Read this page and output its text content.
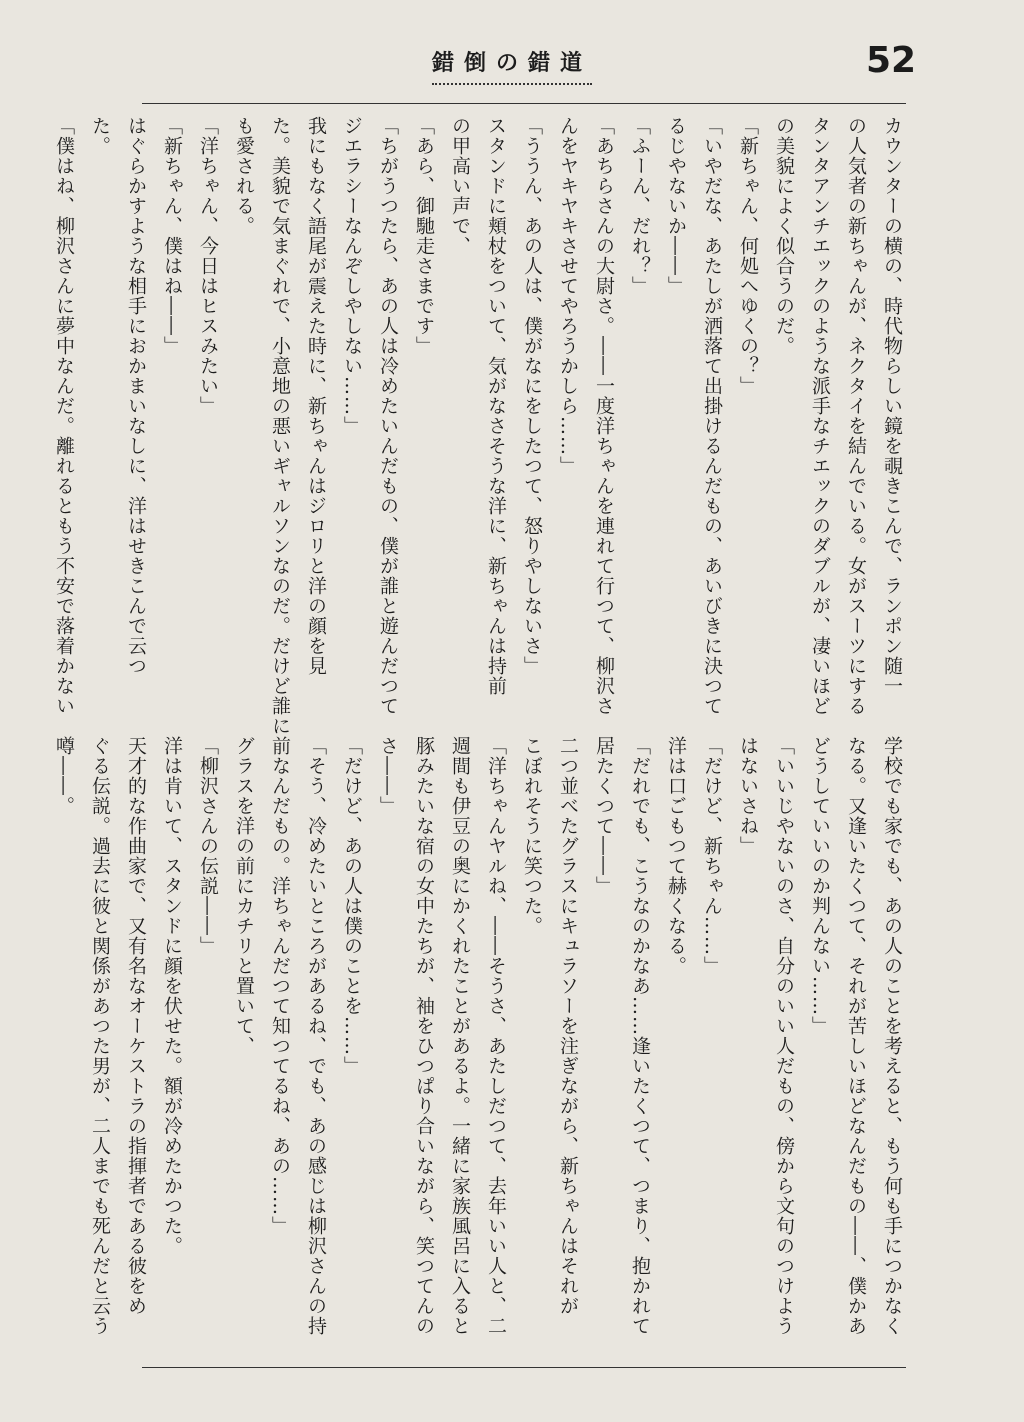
錯倒の錯道	52
カウンターの横の、時代物らしい鏡を覗きこんで、ランポン随一
の人気者の新ちゃんが、ネクタイを結んでいる。女がスーツにする
タンタアンチエックのような派手なチエックのダブルが、凄いほど
の美貌によく似合うのだ。
「新ちゃん、何処へゆくの？」
「いやだな、あたしが洒落て出掛けるんだもの、あいびきに決つて
るじやないか――」
「ふーん、だれ？」
「あちらさんの大尉さ。――一度洋ちゃんを連れて行つて、柳沢さ
んをヤキヤキさせてやろうかしら……」
「ううん、あの人は、僕がなにをしたつて、怒りやしないさ」
スタンドに頬杖をついて、気がなさそうな洋に、新ちゃんは持前
の甲高い声で、
「あら、御馳走さまです」
「ちがうつたら、あの人は冷めたいんだもの、僕が誰と遊んだつて
ジエラシーなんぞしやしない……」
我にもなく語尾が震えた時に、新ちゃんはジロリと洋の顔を見
た。美貌で気まぐれで、小意地の悪いギャルソンなのだ。だけど誰に
も愛される。
「洋ちゃん、今日はヒスみたい」
「新ちゃん、僕はね――」
はぐらかすような相手におかまいなしに、洋はせきこんで云つ
た。
「僕はね、柳沢さんに夢中なんだ。離れるともう不安で落着かない
学校でも家でも、あの人のことを考えると、もう何も手につかなく
なる。又逢いたくつて、それが苦しいほどなんだもの――、僕かあ
どうしていいのか判んない……」
「いいじやないのさ、自分のいい人だもの、傍から文句のつけよう
はないさね」
「だけど、新ちゃん……」
洋は口ごもつて赫くなる。
「だれでも、こうなのかなあ……逢いたくつて、つまり、抱かれて
居たくつて――」
二つ並べたグラスにキュラソーを注ぎながら、新ちゃんはそれが
こぼれそうに笑つた。
「洋ちゃんヤルね、――そうさ、あたしだつて、去年いい人と、二
週間も伊豆の奥にかくれたことがあるよ。一緒に家族風呂に入ると
豚みたいな宿の女中たちが、袖をひつぱり合いながら、笑つてんの
さ――」
「だけど、あの人は僕のことを……」
「そう、冷めたいところがあるね、でも、あの感じは柳沢さんの持
前なんだもの。洋ちゃんだつて知つてるね、あの……」
グラスを洋の前にカチリと置いて、
「柳沢さんの伝説――」
洋は肯いて、スタンドに顔を伏せた。額が冷めたかつた。
天才的な作曲家で、又有名なオーケストラの指揮者である彼をめ
ぐる伝説。過去に彼と関係があつた男が、二人までも死んだと云う
噂――。
